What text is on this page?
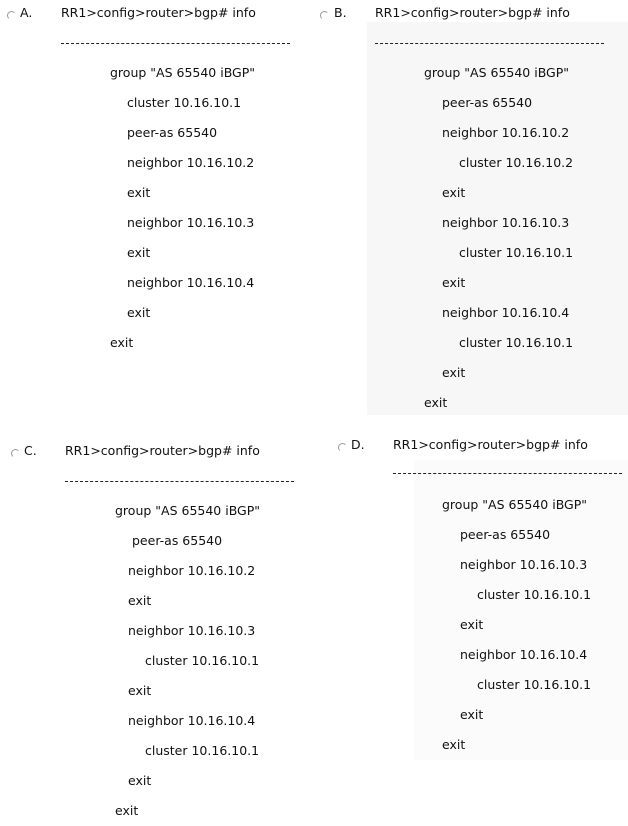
A. RR1>config>router>bgp# info
group "AS 65540 iBGP"
cluster 10.16.10.1
peer-as 65540
neighbor 10.16.10.2
exit
neighbor 10.16.10.3
exit
neighbor 10.16.10.4
exit
exit
B. RR1>config>router>bgp# info
group "AS 65540 iBGP"
peer-as 65540
neighbor 10.16.10.2
cluster 10.16.10.2
exit
neighbor 10.16.10.3
cluster 10.16.10.1
exit
neighbor 10.16.10.4
cluster 10.16.10.1
exit
exit
C. RR1>config>router>bgp# info
group "AS 65540 iBGP"
peer-as 65540
neighbor 10.16.10.2
exit
neighbor 10.16.10.3
cluster 10.16.10.1
exit
neighbor 10.16.10.4
cluster 10.16.10.1
exit
exit
D. RR1>config>router>bgp# info
group "AS 65540 iBGP"
peer-as 65540
neighbor 10.16.10.3
cluster 10.16.10.1
exit
neighbor 10.16.10.4
cluster 10.16.10.1
exit
exit
